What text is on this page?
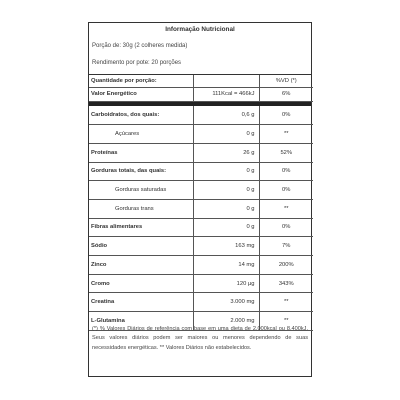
Informação Nutricional
Porção de: 30g (2 colheres medida)
Rendimento por pote: 20 porções
Quantidade por porção:		%VD (*)
Valor Energético	111Kcal = 466kJ	6%
Carboidratos, dos quais:	0,6 g	0%
Açúcares	0 g	**
Proteínas	26 g	52%
Gorduras totais, das quais:	0 g	0%
Gorduras saturadas	0 g	0%
Gorduras trans	0 g	**
Fibras alimentares	0 g	0%
Sódio	163 mg	7%
Zinco	14 mg	200%
Cromo	120 µg	343%
Creatina	3.000 mg	**
L-Glutamina	2.000 mg	**
(*) % Valores Diários de referência com base em uma dieta de 2.000kcal ou 8.400kJ. Seus valores diários podem ser maiores ou menores dependendo de suas necessidades energéticas. ** Valores Diários não estabelecidos.
